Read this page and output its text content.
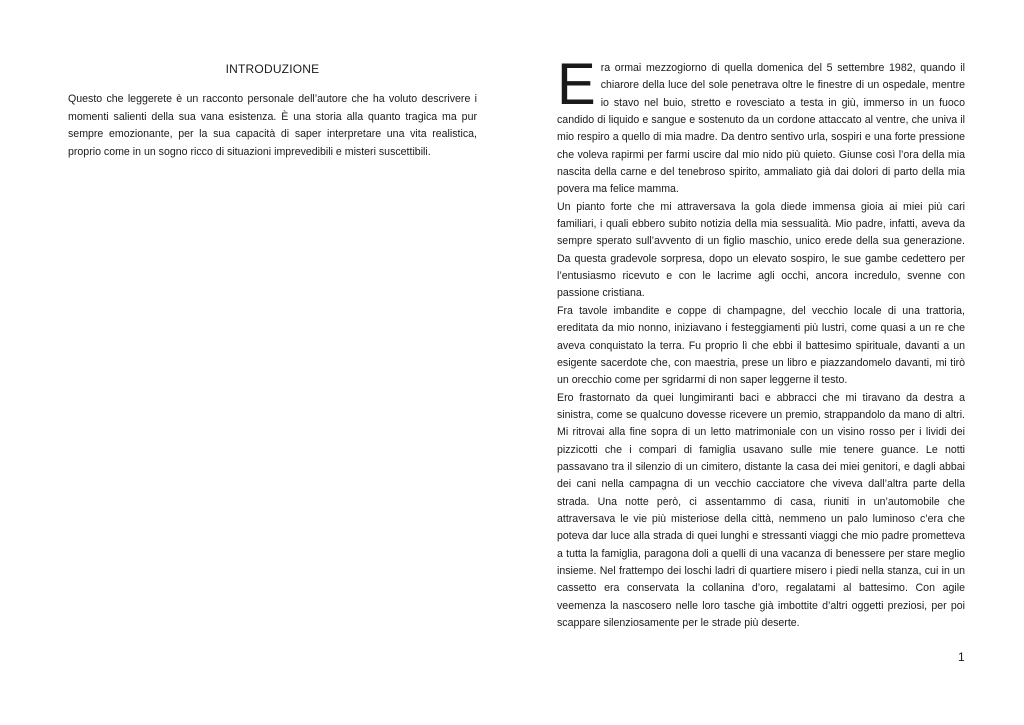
INTRODUZIONE

Questo che leggerete è un racconto personale dell’autore che ha voluto descrivere i momenti salienti della sua vana esistenza. È una storia alla quanto tragica ma pur sempre emozionante, per la sua capacità di saper interpretare una vita realistica, proprio come in un sogno ricco di situazioni imprevedibili e misteri suscettibili.

Era ormai mezzogiorno di quella domenica del 5 settembre 1982, quando il chiarore della luce del sole penetrava oltre le finestre di un ospedale, mentre io stavo nel buio, stretto e rovesciato a testa in giù, immerso in un fuoco candido di liquido e sangue e sostenuto da un cordone attaccato al ventre, che univa il mio respiro a quello di mia madre. Da dentro sentivo urla, sospiri e una forte pressione che voleva rapirmi per farmi uscire dal mio nido più quieto. Giunse così l’ora della mia nascita della carne e del tenebroso spirito, ammaliato già dai dolori di parto della mia povera ma felice mamma.

Un pianto forte che mi attraversava la gola diede immensa gioia ai miei più cari familiari, i quali ebbero subito notizia della mia sessualità. Mio padre, infatti, aveva da sempre sperato sull’avvento di un figlio maschio, unico erede della sua generazione. Da questa gradevole sorpresa, dopo un elevato sospiro, le sue gambe cedettero per l’entusiasmo ricevuto e con le lacrime agli occhi, ancora incredulo, svenne con passione cristiana.

Fra tavole imbandite e coppe di champagne, del vecchio locale di una trattoria, ereditata da mio nonno, iniziavano i festeggiamenti più lustri, come quasi a un re che aveva conquistato la terra. Fu proprio lì che ebbi il battesimo spirituale, davanti a un esigente sacerdote che, con maestria, prese un libro e piazzandomelo davanti, mi tirò un orecchio come per sgridarmi di non saper leggerne il testo.

Ero frastornato da quei lungimiranti baci e abbracci che mi tiravano da destra a sinistra, come se qualcuno dovesse ricevere un premio, strappandolo da mano di altri. Mi ritrovai alla fine sopra di un letto matrimoniale con un visino rosso per i lividi dei pizzicotti che i compari di famiglia usavano sulle mie tenere guance. Le notti passavano tra il silenzio di un cimitero, distante la casa dei miei genitori, e dagli abbai dei cani nella campagna di un vecchio cacciatore che viveva dall’altra parte della strada. Una notte però, ci assentammo di casa, riuniti in un’automobile che attraversava le vie più misteriose della città, nemmeno un palo luminoso c’era che poteva dar luce alla strada di quei lunghi e stressanti viaggi che mio padre prometteva a tutta la famiglia, paragona doli a quelli di una vacanza di benessere per stare meglio insieme. Nel frattempo dei loschi ladri di quartiere misero i piedi nella stanza, cui in un cassetto era conservata la collanina d’oro, regalatami al battesimo. Con agile veemenza la nascosero nelle loro tasche già imbottite d’altri oggetti preziosi, per poi scappare silenziosamente per le strade più deserte.

1
